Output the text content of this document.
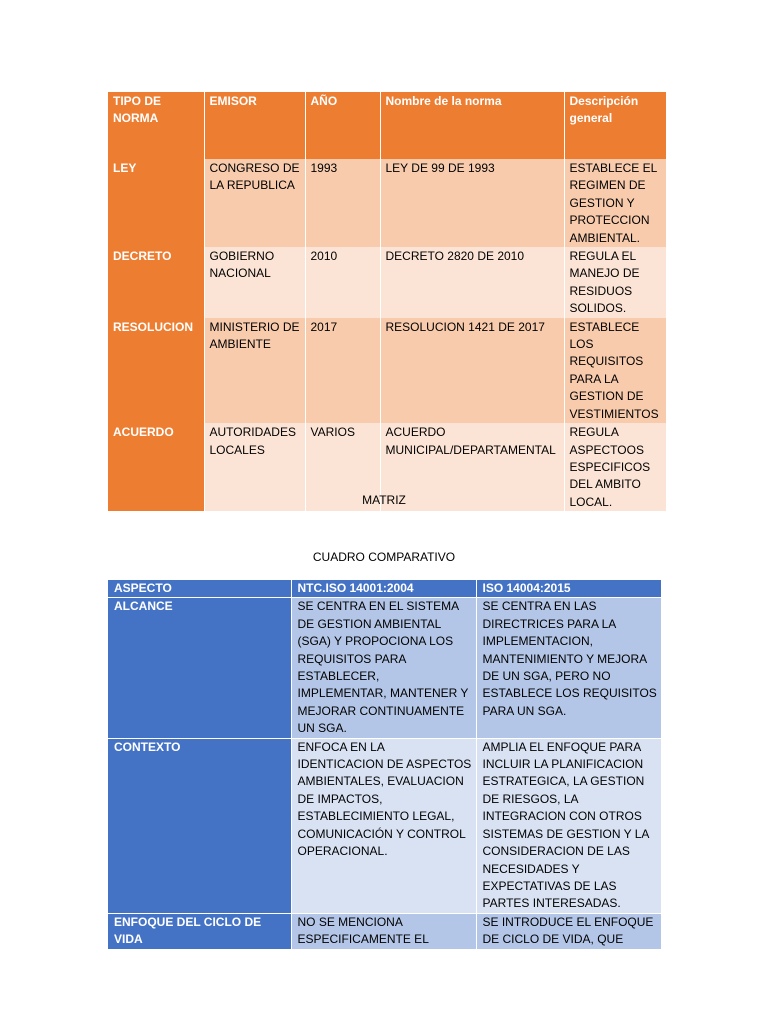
TIPO DE NORMA	EMISOR	AÑO	Nombre de la norma	Descripción general
LEY	CONGRESO DE LA REPUBLICA	1993	LEY DE 99 DE 1993	ESTABLECE EL REGIMEN DE GESTION Y PROTECCION AMBIENTAL.
DECRETO	GOBIERNO NACIONAL	2010	DECRETO 2820 DE 2010	REGULA EL MANEJO DE RESIDUOS SOLIDOS.
RESOLUCION	MINISTERIO DE AMBIENTE	2017	RESOLUCION 1421 DE 2017	ESTABLECE LOS REQUISITOS PARA LA GESTION DE VESTIMIENTOS
ACUERDO	AUTORIDADES LOCALES	VARIOS	ACUERDO MUNICIPAL/DEPARTAMENTAL	REGULA ASPECTOOS ESPECIFICOS DEL AMBITO LOCAL.
MATRIZ
CUADRO COMPARATIVO
ASPECTO	NTC.ISO 14001:2004	ISO 14004:2015
ALCANCE	SE CENTRA EN EL SISTEMA DE GESTION AMBIENTAL (SGA) Y PROPOCIONA LOS REQUISITOS PARA ESTABLECER, IMPLEMENTAR, MANTENER Y MEJORAR CONTINUAMENTE UN SGA.	SE CENTRA EN LAS DIRECTRICES PARA LA IMPLEMENTACION, MANTENIMIENTO Y MEJORA DE UN SGA, PERO NO ESTABLECE LOS REQUISITOS PARA UN SGA.
CONTEXTO	ENFOCA EN LA IDENTICACION DE ASPECTOS AMBIENTALES, EVALUACION DE IMPACTOS, ESTABLECIMIENTO LEGAL, COMUNICACIÓN Y CONTROL OPERACIONAL.	AMPLIA EL ENFOQUE PARA INCLUIR LA PLANIFICACION ESTRATEGICA, LA GESTION DE RIESGOS, LA INTEGRACION CON OTROS SISTEMAS DE GESTION Y LA CONSIDERACION DE LAS NECESIDADES Y EXPECTATIVAS DE LAS PARTES INTERESADAS.
ENFOQUE DEL CICLO DE VIDA	NO SE MENCIONA ESPECIFICAMENTE EL	SE INTRODUCE EL ENFOQUE DE CICLO DE VIDA, QUE
